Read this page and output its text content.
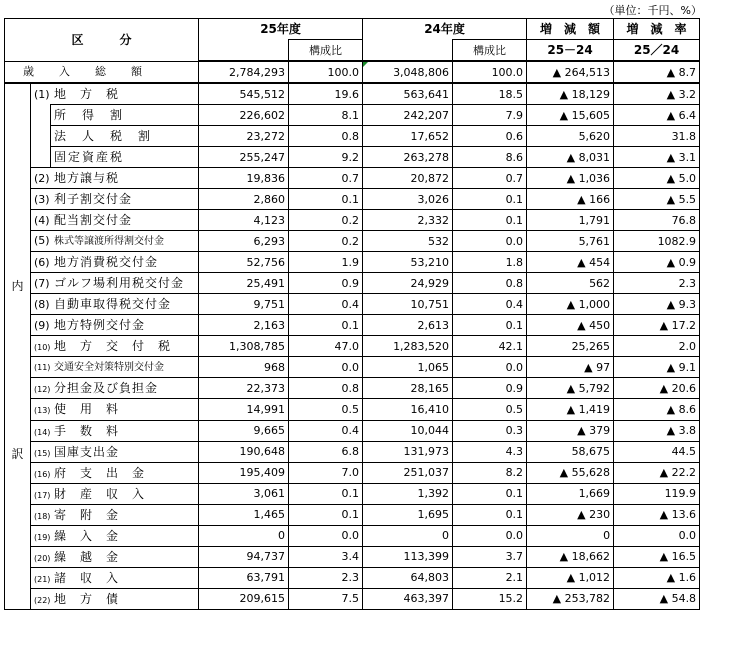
（単位：千円、%）
区　　　分			25年度		24年度		増　減　額	増　減　率
				構成比		構成比	25－24	25／24
歳　　入　　総　　額			2,784,293	100.0	3,048,806	100.0	▲ 264,513	▲ 8.7

内
訳	(1) 地　方　税		545,512	19.6	563,641	18.5	▲ 18,129	▲ 3.2
		所　得　割	226,602	8.1	242,207	7.9	▲ 15,605	▲ 6.4
		法　人　税　割	23,272	0.8	17,652	0.6	5,620	31.8
		固定資産税	255,247	9.2	263,278	8.6	▲ 8,031	▲ 3.1
	(2) 地方譲与税		19,836	0.7	20,872	0.7	▲ 1,036	▲ 5.0
	(3) 利子割交付金		2,860	0.1	3,026	0.1	▲ 166	▲ 5.5
	(4) 配当割交付金		4,123	0.2	2,332	0.1	1,791	76.8
	(5) 株式等譲渡所得割交付金		6,293	0.2	532	0.0	5,761	1082.9
	(6) 地方消費税交付金		52,756	1.9	53,210	1.8	▲ 454	▲ 0.9
	(7) ゴルフ場利用税交付金		25,491	0.9	24,929	0.8	562	2.3
	(8) 自動車取得税交付金		9,751	0.4	10,751	0.4	▲ 1,000	▲ 9.3
	(9) 地方特例交付金		2,163	0.1	2,613	0.1	▲ 450	▲ 17.2
	(10) 地　方　交　付　税		1,308,785	47.0	1,283,520	42.1	25,265	2.0
	(11) 交通安全対策特別交付金		968	0.0	1,065	0.0	▲ 97	▲ 9.1
	(12) 分担金及び負担金		22,373	0.8	28,165	0.9	▲ 5,792	▲ 20.6
	(13) 使　用　料		14,991	0.5	16,410	0.5	▲ 1,419	▲ 8.6
	(14) 手　数　料		9,665	0.4	10,044	0.3	▲ 379	▲ 3.8
	(15) 国庫支出金		190,648	6.8	131,973	4.3	58,675	44.5
	(16) 府　支　出　金		195,409	7.0	251,037	8.2	▲ 55,628	▲ 22.2
	(17) 財　産　収　入		3,061	0.1	1,392	0.1	1,669	119.9
	(18) 寄　附　金		1,465	0.1	1,695	0.1	▲ 230	▲ 13.6
	(19) 繰　入　金		0	0.0	0	0.0	0	0.0
	(20) 繰　越　金		94,737	3.4	113,399	3.7	▲ 18,662	▲ 16.5
	(21) 諸　収　入		63,791	2.3	64,803	2.1	▲ 1,012	▲ 1.6
	(22) 地　方　債		209,615	7.5	463,397	15.2	▲ 253,782	▲ 54.8
